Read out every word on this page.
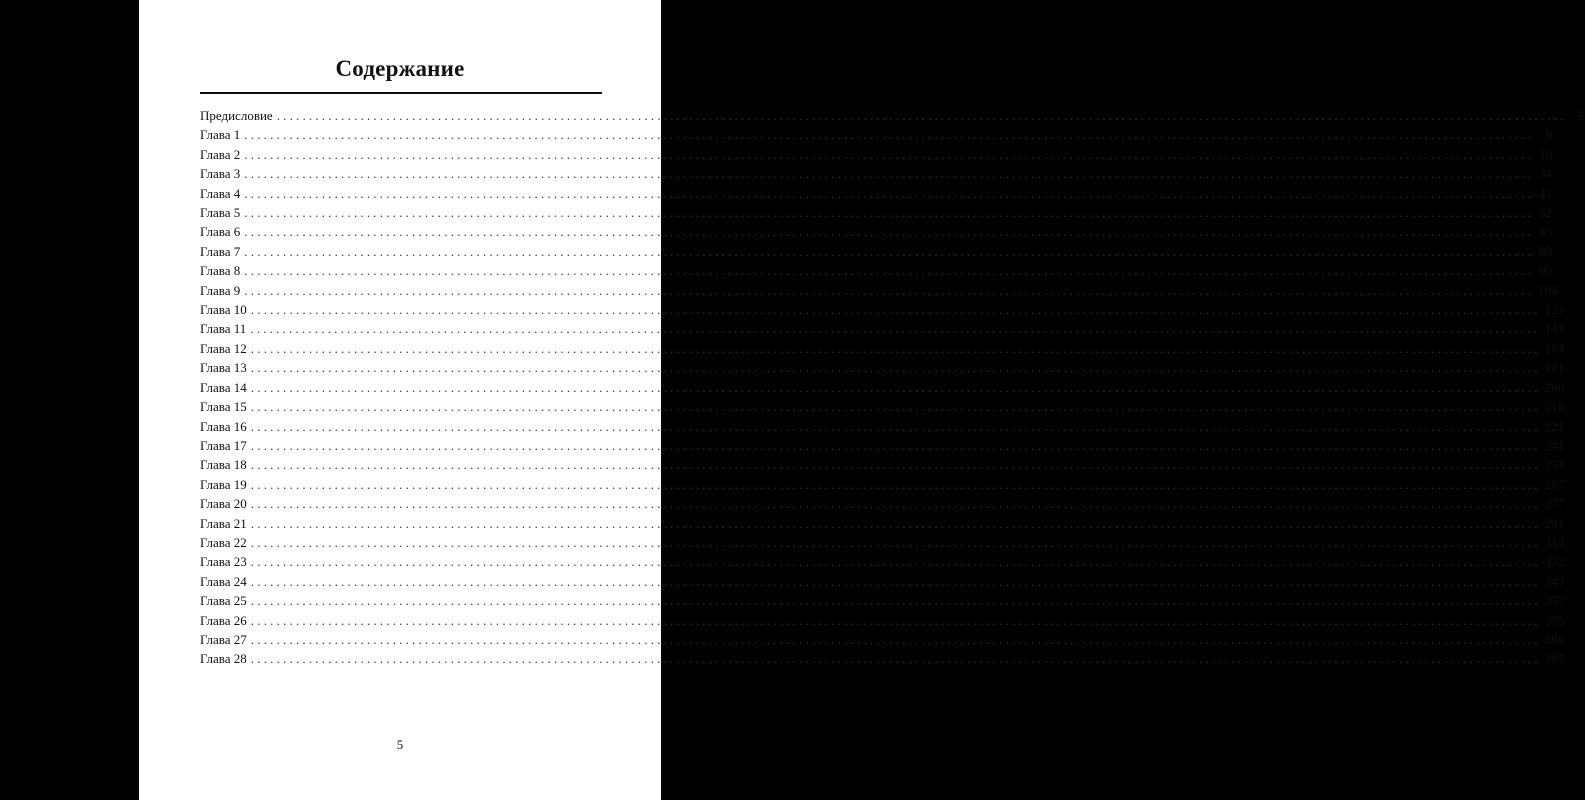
Содержание
Предисловие ........................................................................................................................................................................................................ 6
Глава 1 ........................................................................................................................................................................................................ 9
Глава 2 ........................................................................................................................................................................................................ 18
Глава 3 ........................................................................................................................................................................................................ 34
Глава 4 ........................................................................................................................................................................................................ 41
Глава 5 ........................................................................................................................................................................................................ 52
Глава 6 ........................................................................................................................................................................................................ 65
Глава 7 ........................................................................................................................................................................................................ 89
Глава 8 ........................................................................................................................................................................................................ 95
Глава 9 ........................................................................................................................................................................................................ 104
Глава 10 ........................................................................................................................................................................................................ 125
Глава 11 ........................................................................................................................................................................................................ 143
Глава 12 ........................................................................................................................................................................................................ 174
Глава 13 ........................................................................................................................................................................................................ 181
Глава 14 ........................................................................................................................................................................................................ 200
Глава 15 ........................................................................................................................................................................................................ 210
Глава 16 ........................................................................................................................................................................................................ 221
Глава 17 ........................................................................................................................................................................................................ 241
Глава 18 ........................................................................................................................................................................................................ 253
Глава 19 ........................................................................................................................................................................................................ 267
Глава 20 ........................................................................................................................................................................................................ 277
Глава 21 ........................................................................................................................................................................................................ 291
Глава 22 ........................................................................................................................................................................................................ 313
Глава 23 ........................................................................................................................................................................................................ 332
Глава 24 ........................................................................................................................................................................................................ 343
Глава 25 ........................................................................................................................................................................................................ 357
Глава 26 ........................................................................................................................................................................................................ 375
Глава 27 ........................................................................................................................................................................................................ 386
Глава 28 ........................................................................................................................................................................................................ 397
5
